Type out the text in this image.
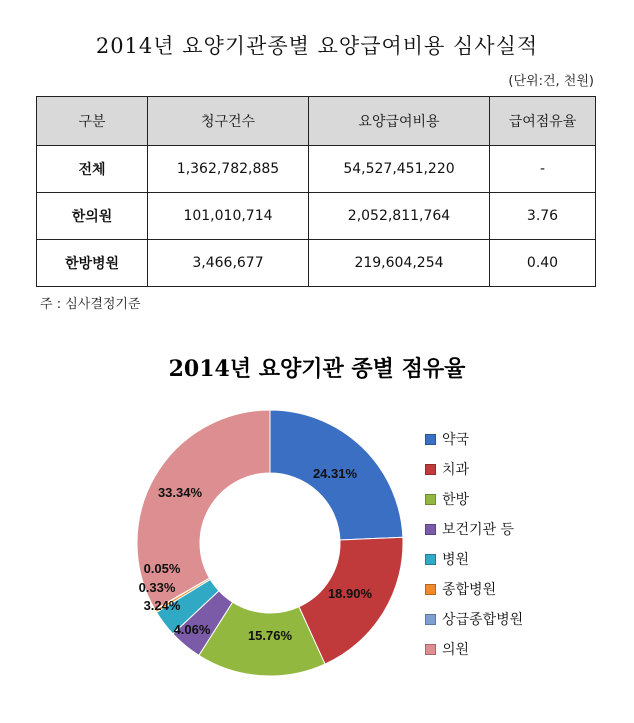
2014년 요양기관종별 요양급여비용 심사실적
(단위:건, 천원)
구분	청구건수	요양급여비용	급여점유율
전체	1,362,782,885	54,527,451,220	-
한의원	101,010,714	2,052,811,764	3.76
한방병원	3,466,677	219,604,254	0.40
주 : 심사결정기준
2014년 요양기관 종별 점유율
24.31%
18.90%
15.76%
4.06%
3.24%
0.33%
0.05%
33.34%
약국
치과
한방
보건기관 등
병원
종합병원
상급종합병원
의원
